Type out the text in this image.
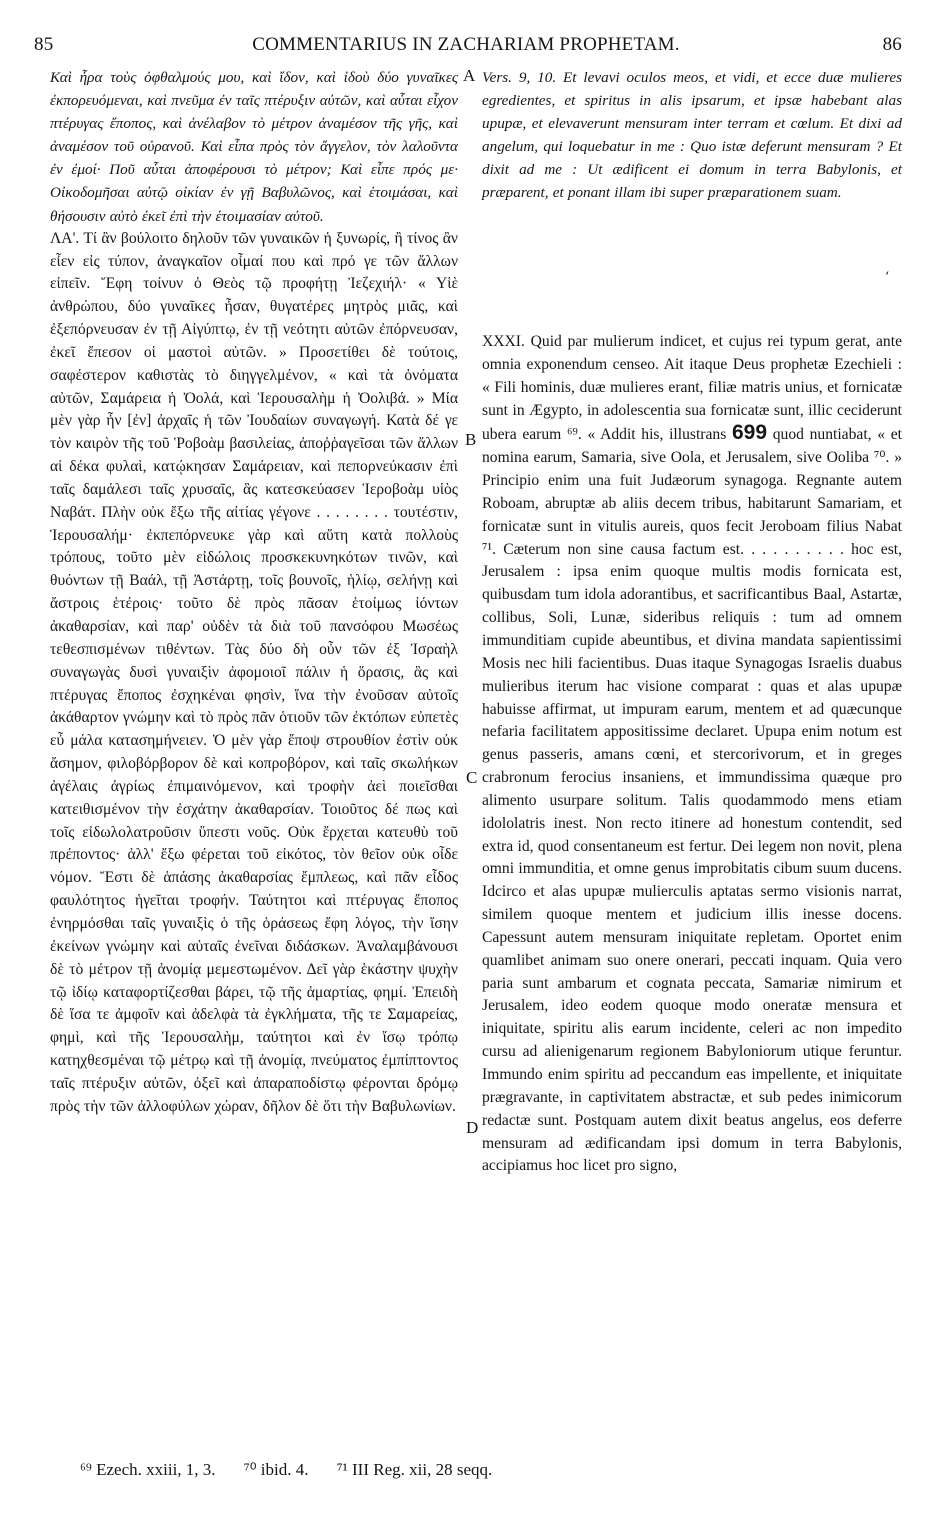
85	COMMENTARIUS IN ZACHARIAM PROPHETAM.	86
Καὶ ἦρα τοὺς ὀφθαλμούς μου, καὶ ἴδον, καὶ ἰδοὺ δύο γυναῖκες ἐκπορευόμεναι, καὶ πνεῦμα ἐν ταῖς πτέρυξιν αὐτῶν, καὶ αὗται εἶχον πτέρυγας ἔποπος, καὶ ἀνέλαβον τὸ μέτρον ἀναμέσον τῆς γῆς, καὶ ἀναμέσον τοῦ οὐρανοῦ. Καὶ εἶπα πρὸς τὸν ἄγγελον, τὸν λαλοῦντα ἐν ἐμοί· Ποῦ αὗται ἀποφέρουσι τὸ μέτρον; Καὶ εἶπε πρός με· Οἰκοδομῆσαι αὐτῷ οἰκίαν ἐν γῇ Βαβυλῶνος, καὶ ἑτοιμάσαι, καὶ θήσουσιν αὐτὸ ἐκεῖ ἐπὶ τὴν ἑτοιμασίαν αὐτοῦ.
ΛΑ'. Τί ἂν βούλοιτο δηλοῦν τῶν γυναικῶν ἡ ξυνωρίς, ἢ τίνος ἂν εἶεν εἰς τύπον, ἀναγκαῖον οἶμαί που καὶ πρό γε τῶν ἄλλων εἰπεῖν. Ἔφη τοίνυν ὁ Θεὸς τῷ προφήτῃ Ἰεζεχιήλ· « Υἱὲ ἀνθρώπου, δύο γυναῖκες ἦσαν, θυγατέρες μητρὸς μιᾶς, καὶ ἐξεπόρνευσαν ἐν τῇ Αἰγύπτῳ, ἐν τῇ νεότητι αὐτῶν ἐπόρνευσαν, ἐκεῖ ἔπεσον οἱ μαστοὶ αὐτῶν. » Προσετίθει δὲ τούτοις, σαφέστερον καθιστὰς τὸ διηγγελμένον, « καὶ τὰ ὀνόματα αὐτῶν, Σαμάρεια ἡ Ὀολά, καὶ Ἱερουσαλὴμ ἡ Ὀολιβά. » Μία μὲν γὰρ ἦν [ἐν] ἀρχαῖς ἡ τῶν Ἰουδαίων συναγωγή. Κατὰ δέ γε τὸν καιρὸν τῆς τοῦ Ῥοβοὰμ βασιλείας, ἀποῤῥαγεῖσαι τῶν ἄλλων αἱ δέκα φυλαὶ, κατῴκησαν Σαμάρειαν, καὶ πεπορνεύκασιν ἐπὶ ταῖς δαμάλεσι ταῖς χρυσαῖς, ἃς κατεσκεύασεν Ἱεροβοὰμ υἱὸς Ναβάτ. Πλὴν οὐκ ἔξω τῆς αἰτίας γέγονε . . . . . . . . τουτέστιν, Ἱερουσαλήμ· ἐκπεπόρνευκε γὰρ καὶ αὕτη κατὰ πολλοὺς τρόπους, τοῦτο μὲν εἰδώλοις προσκεκυνηκότων τινῶν, καὶ θυόντων τῇ Βαάλ, τῇ Ἀστάρτῃ, τοῖς βουνοῖς, ἡλίῳ, σελήνῃ καὶ ἄστροις ἑτέροις· τοῦτο δὲ πρὸς πᾶσαν ἑτοίμως ἰόντων ἀκαθαρσίαν, καὶ παρ' οὐδὲν τὰ διὰ τοῦ πανσόφου Μωσέως τεθεσπισμένων τιθέντων. Τὰς δύο δὴ οὖν τῶν ἐξ Ἰσραὴλ συναγωγὰς δυσὶ γυναιξὶν ἀφομοιοῖ πάλιν ἡ ὅρασις, ἃς καὶ πτέρυγας ἔποπος ἐσχηκέναι φησὶν, ἵνα τὴν ἐνοῦσαν αὐτοῖς ἀκάθαρτον γνώμην καὶ τὸ πρὸς πᾶν ὁτιοῦν τῶν ἐκτόπων εὐπετὲς εὖ μάλα κατασημήνειεν. Ὁ μὲν γὰρ ἔποψ στρουθίον ἐστὶν οὐκ ἄσημον, φιλοβόρβορον δὲ καὶ κοπροβόρον, καὶ ταῖς σκωλήκων ἀγέλαις ἀγρίως ἐπιμαινόμενον, καὶ τροφὴν ἀεὶ ποιεῖσθαι κατειθισμένον τὴν ἐσχάτην ἀκαθαρσίαν. Τοιοῦτος δέ πως καὶ τοῖς εἰδωλολατροῦσιν ὕπεστι νοῦς. Οὐκ ἔρχεται κατευθὺ τοῦ πρέποντος· ἀλλ' ἔξω φέρεται τοῦ εἰκότος, τὸν θεῖον οὐκ οἶδε νόμον. Ἔστι δὲ ἁπάσης ἀκαθαρσίας ἔμπλεως, καὶ πᾶν εἶδος φαυλότητος ἡγεῖται τροφήν. Ταύτητοι καὶ πτέρυγας ἔποπος ἐνηρμόσθαι ταῖς γυναιξὶς ὁ τῆς ὁράσεως ἔφη λόγος, τὴν ἴσην ἐκείνων γνώμην καὶ αὐταῖς ἐνεῖναι διδάσκων. Ἀναλαμβάνουσι δὲ τὸ μέτρον τῇ ἀνομίᾳ μεμεστωμένον. Δεῖ γὰρ ἑκάστην ψυχὴν τῷ ἰδίῳ καταφορτίζεσθαι βάρει, τῷ τῆς ἁμαρτίας, φημί. Ἐπειδὴ δὲ ἴσα τε ἀμφοῖν καὶ ἀδελφὰ τὰ ἐγκλήματα, τῆς τε Σαμαρείας, φημὶ, καὶ τῆς Ἱερουσαλὴμ, ταύτητοι καὶ ἐν ἴσῳ τρόπῳ κατηχθεσμέναι τῷ μέτρῳ καὶ τῇ ἀνομίᾳ, πνεύματος ἐμπίπτοντος ταῖς πτέρυξιν αὐτῶν, ὀξεῖ καὶ ἀπαραποδίστῳ φέρονται δρόμῳ πρὸς τὴν τῶν ἀλλοφύλων χώραν, δῆλον δὲ ὅτι τὴν Βαβυλωνίων.
A
B
C
D
‘
Vers. 9, 10. Et levavi oculos meos, et vidi, et ecce duæ mulieres egredientes, et spiritus in alis ipsarum, et ipsæ habebant alas upupæ, et elevaverunt mensuram inter terram et cœlum. Et dixi ad angelum, qui loquebatur in me : Quo istæ deferunt mensuram ? Et dixit ad me : Ut ædificent ei domum in terra Babylonis, et præparent, et ponant illam ibi super præparationem suam.
XXXI. Quid par mulierum indicet, et cujus rei typum gerat, ante omnia exponendum censeo. Ait itaque Deus prophetæ Ezechieli : « Fili hominis, duæ mulieres erant, filiæ matris unius, et fornicatæ sunt in Ægypto, in adolescentia sua fornicatæ sunt, illic ceciderunt ubera earum ⁶⁹. « Addit his, illustrans 699 quod nuntiabat, « et nomina earum, Samaria, sive Oola, et Jerusalem, sive Ooliba ⁷⁰. » Principio enim una fuit Judæorum synagoga. Regnante autem Roboam, abruptæ ab aliis decem tribus, habitarunt Samariam, et fornicatæ sunt in vitulis aureis, quos fecit Jeroboam filius Nabat ⁷¹. Cæterum non sine causa factum est. . . . . . . . . . hoc est, Jerusalem : ipsa enim quoque multis modis fornicata est, quibusdam tum idola adorantibus, et sacrificantibus Baal, Astartæ, collibus, Soli, Lunæ, sideribus reliquis : tum ad omnem immunditiam cupide abeuntibus, et divina mandata sapientissimi Mosis nec hili facientibus. Duas itaque Synagogas Israelis duabus mulieribus iterum hac visione comparat : quas et alas upupæ habuisse affirmat, ut impuram earum, mentem et ad quæcunque nefaria facilitatem appositissime declaret. Upupa enim notum est genus passeris, amans cœni, et stercorivorum, et in greges crabronum ferocius insaniens, et immundissima quæque pro alimento usurpare solitum. Talis quodammodo mens etiam idololatris inest. Non recto itinere ad honestum contendit, sed extra id, quod consentaneum est fertur. Dei legem non novit, plena omni immunditia, et omne genus improbitatis cibum suum ducens. Idcirco et alas upupæ mulierculis aptatas sermo visionis narrat, similem quoque mentem et judicium illis inesse docens. Capessunt autem mensuram iniquitate repletam. Oportet enim quamlibet animam suo onere onerari, peccati inquam. Quia vero paria sunt ambarum et cognata peccata, Samariæ nimirum et Jerusalem, ideo eodem quoque modo oneratæ mensura et iniquitate, spiritu alis earum incidente, celeri ac non impedito cursu ad alienigenarum regionem Babyloniorum utique feruntur. Immundo enim spiritu ad peccandum eas impellente, et iniquitate prægravante, in captivitatem abstractæ, et sub pedes inimicorum redactæ sunt. Postquam autem dixit beatus angelus, eos deferre mensuram ad ædificandam ipsi domum in terra Babylonis, accipiamus hoc licet pro signo,
⁶⁹ Ezech. xxiii, 1, 3. ⁷⁰ ibid. 4. ⁷¹ III Reg. xii, 28 seqq.
